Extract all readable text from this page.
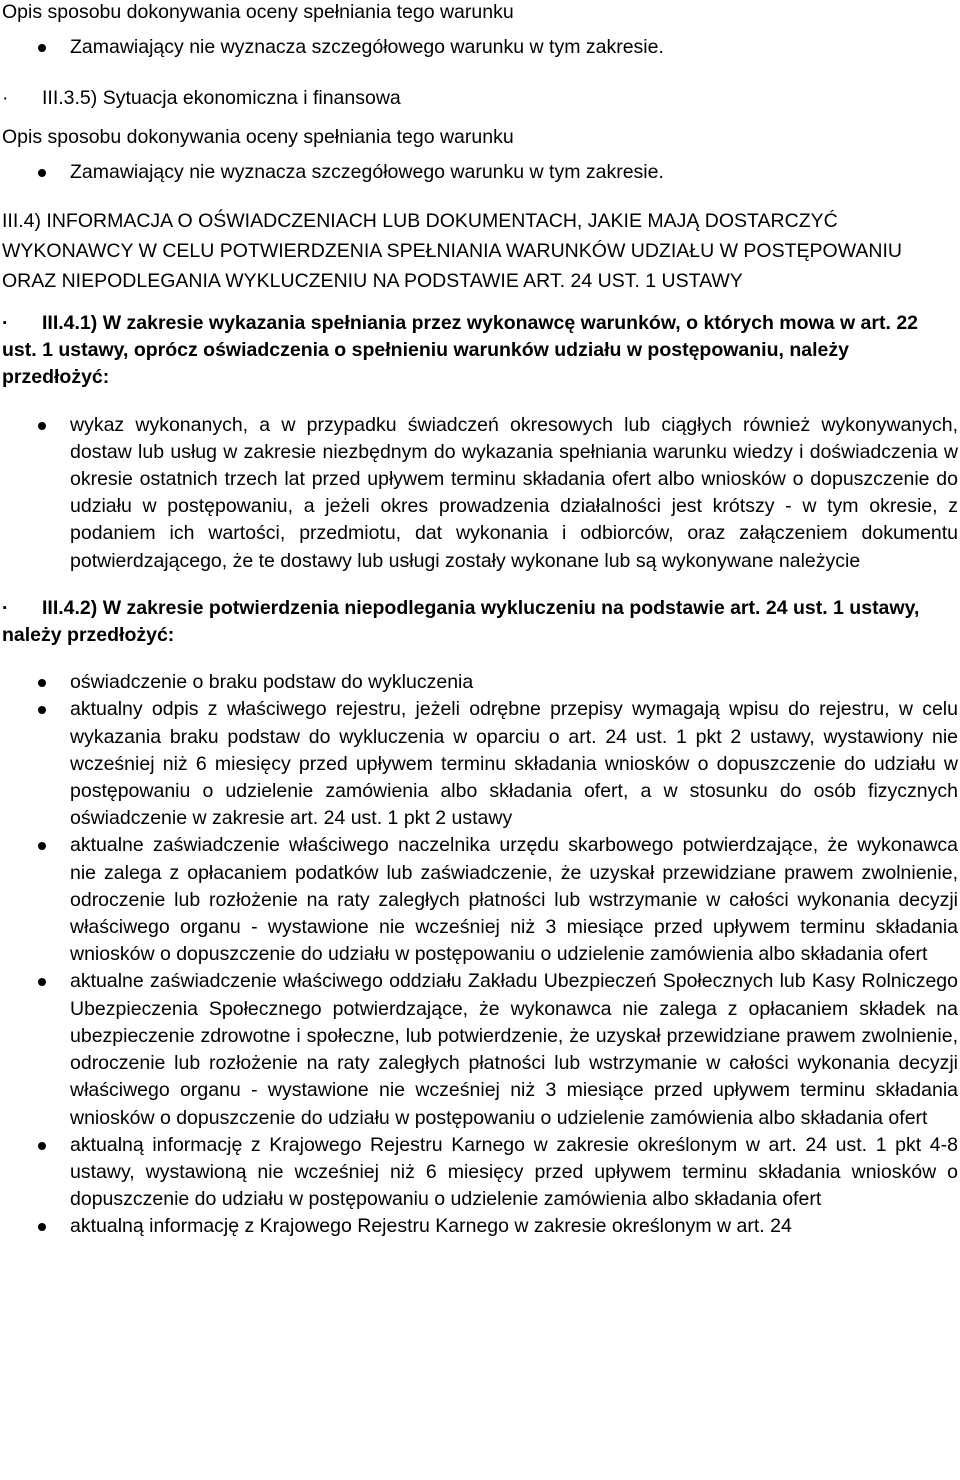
Opis sposobu dokonywania oceny spełniania tego warunku
Zamawiający nie wyznacza szczegółowego warunku w tym zakresie.
·	III.3.5) Sytuacja ekonomiczna i finansowa
Opis sposobu dokonywania oceny spełniania tego warunku
Zamawiający nie wyznacza szczegółowego warunku w tym zakresie.
III.4) INFORMACJA O OŚWIADCZENIACH LUB DOKUMENTACH, JAKIE MAJĄ DOSTARCZYĆ WYKONAWCY W CELU POTWIERDZENIA SPEŁNIANIA WARUNKÓW UDZIAŁU W POSTĘPOWANIU ORAZ NIEPODLEGANIA WYKLUCZENIU NA PODSTAWIE ART. 24 UST. 1 USTAWY
· III.4.1) W zakresie wykazania spełniania przez wykonawcę warunków, o których mowa w art. 22 ust. 1 ustawy, oprócz oświadczenia o spełnieniu warunków udziału w postępowaniu, należy przedłożyć:
wykaz wykonanych, a w przypadku świadczeń okresowych lub ciągłych również wykonywanych, dostaw lub usług w zakresie niezbędnym do wykazania spełniania warunku wiedzy i doświadczenia w okresie ostatnich trzech lat przed upływem terminu składania ofert albo wniosków o dopuszczenie do udziału w postępowaniu, a jeżeli okres prowadzenia działalności jest krótszy - w tym okresie, z podaniem ich wartości, przedmiotu, dat wykonania i odbiorców, oraz załączeniem dokumentu potwierdzającego, że te dostawy lub usługi zostały wykonane lub są wykonywane należycie
· III.4.2) W zakresie potwierdzenia niepodlegania wykluczeniu na podstawie art. 24 ust. 1 ustawy, należy przedłożyć:
oświadczenie o braku podstaw do wykluczenia
aktualny odpis z właściwego rejestru, jeżeli odrębne przepisy wymagają wpisu do rejestru, w celu wykazania braku podstaw do wykluczenia w oparciu o art. 24 ust. 1 pkt 2 ustawy, wystawiony nie wcześniej niż 6 miesięcy przed upływem terminu składania wniosków o dopuszczenie do udziału w postępowaniu o udzielenie zamówienia albo składania ofert, a w stosunku do osób fizycznych oświadczenie w zakresie art. 24 ust. 1 pkt 2 ustawy
aktualne zaświadczenie właściwego naczelnika urzędu skarbowego potwierdzające, że wykonawca nie zalega z opłacaniem podatków lub zaświadczenie, że uzyskał przewidziane prawem zwolnienie, odroczenie lub rozłożenie na raty zaległych płatności lub wstrzymanie w całości wykonania decyzji właściwego organu - wystawione nie wcześniej niż 3 miesiące przed upływem terminu składania wniosków o dopuszczenie do udziału w postępowaniu o udzielenie zamówienia albo składania ofert
aktualne zaświadczenie właściwego oddziału Zakładu Ubezpieczeń Społecznych lub Kasy Rolniczego Ubezpieczenia Społecznego potwierdzające, że wykonawca nie zalega z opłacaniem składek na ubezpieczenie zdrowotne i społeczne, lub potwierdzenie, że uzyskał przewidziane prawem zwolnienie, odroczenie lub rozłożenie na raty zaległych płatności lub wstrzymanie w całości wykonania decyzji właściwego organu - wystawione nie wcześniej niż 3 miesiące przed upływem terminu składania wniosków o dopuszczenie do udziału w postępowaniu o udzielenie zamówienia albo składania ofert
aktualną informację z Krajowego Rejestru Karnego w zakresie określonym w art. 24 ust. 1 pkt 4-8 ustawy, wystawioną nie wcześniej niż 6 miesięcy przed upływem terminu składania wniosków o dopuszczenie do udziału w postępowaniu o udzielenie zamówienia albo składania ofert
aktualną informację z Krajowego Rejestru Karnego w zakresie określonym w art. 24
